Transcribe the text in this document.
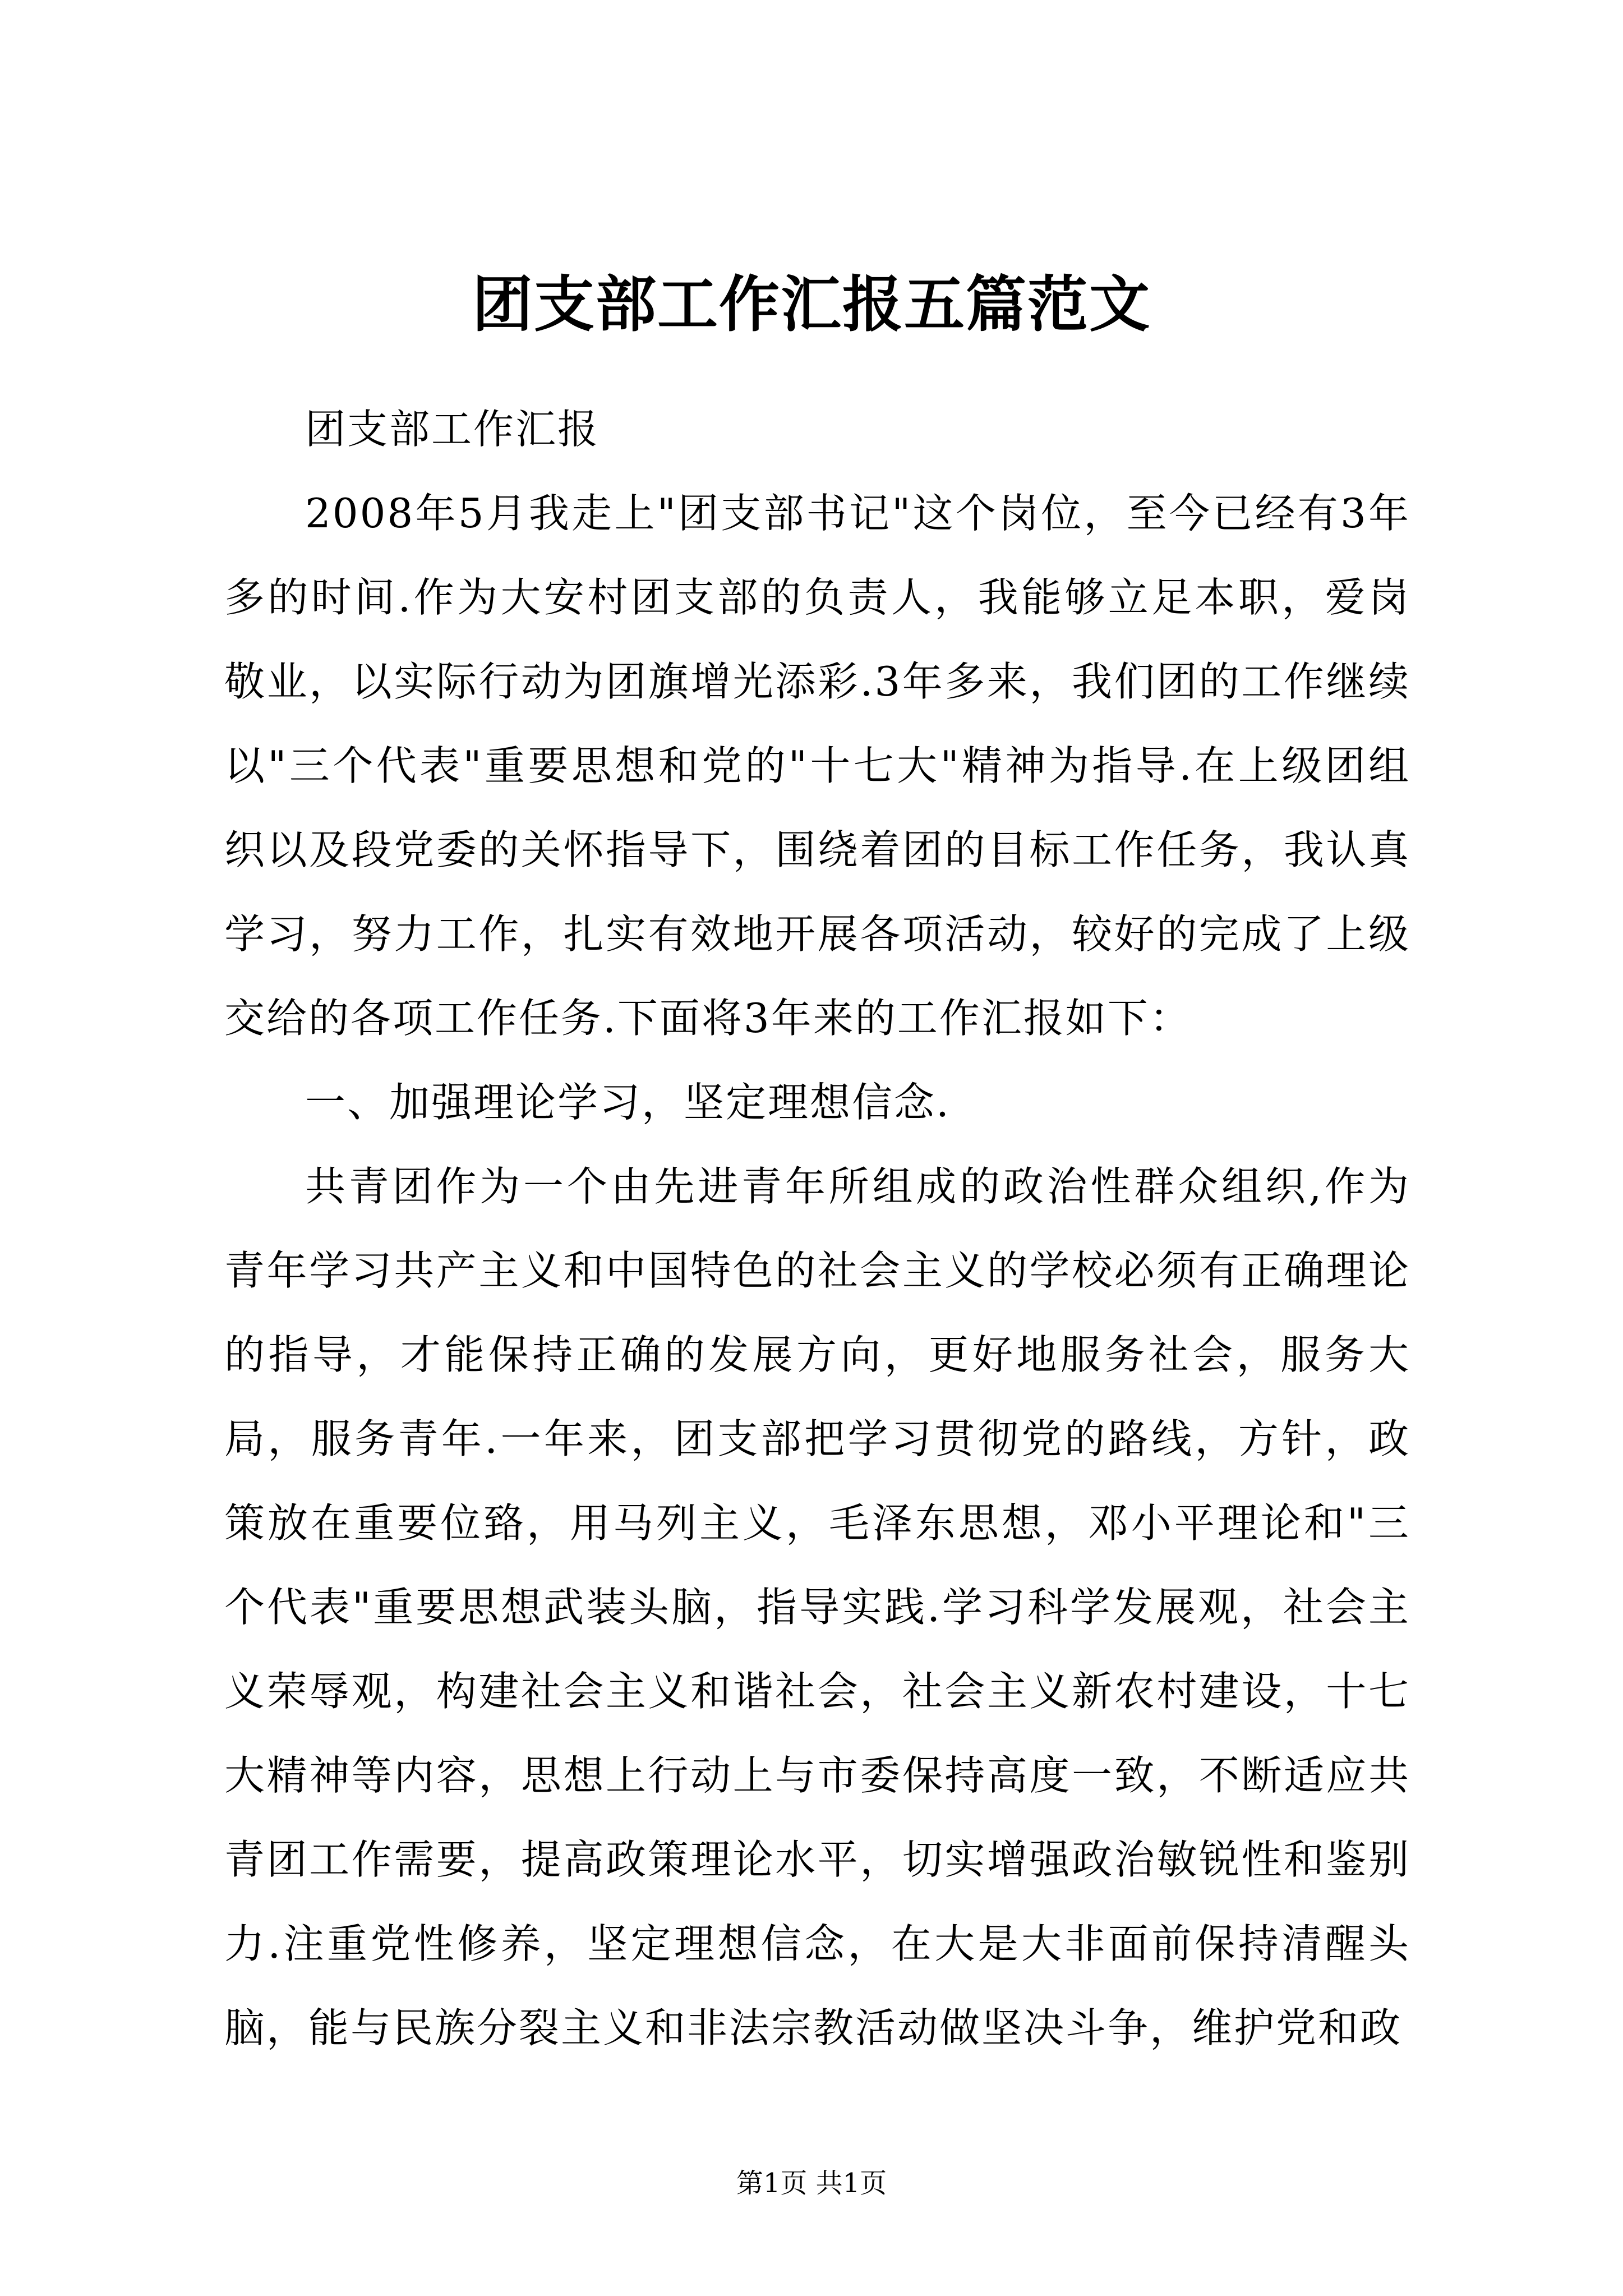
团支部工作汇报五篇范文

团支部工作汇报

2008年5月我走上"团支部书记"这个岗位，至今已经有3年多的时间.作为大安村团支部的负责人，我能够立足本职，爱岗敬业，以实际行动为团旗增光添彩.3年多来，我们团的工作继续以"三个代表"重要思想和党的"十七大"精神为指导.在上级团组织以及段党委的关怀指导下，围绕着团的目标工作任务，我认真学习，努力工作，扎实有效地开展各项活动，较好的完成了上级交给的各项工作任务.下面将3年来的工作汇报如下：

一、加强理论学习，坚定理想信念.

共青团作为一个由先进青年所组成的政治性群众组织,作为青年学习共产主义和中国特色的社会主义的学校必须有正确理论的指导，才能保持正确的发展方向，更好地服务社会，服务大局，服务青年.一年来，团支部把学习贯彻党的路线，方针，政策放在重要位臵，用马列主义，毛泽东思想，邓小平理论和"三个代表"重要思想武装头脑，指导实践.学习科学发展观，社会主义荣辱观，构建社会主义和谐社会，社会主义新农村建设，十七大精神等内容，思想上行动上与市委保持高度一致，不断适应共青团工作需要，提高政策理论水平，切实增强政治敏锐性和鉴别力.注重党性修养，坚定理想信念，在大是大非面前保持清醒头脑，能与民族分裂主义和非法宗教活动做坚决斗争，维护党和政

第1页 共1页
